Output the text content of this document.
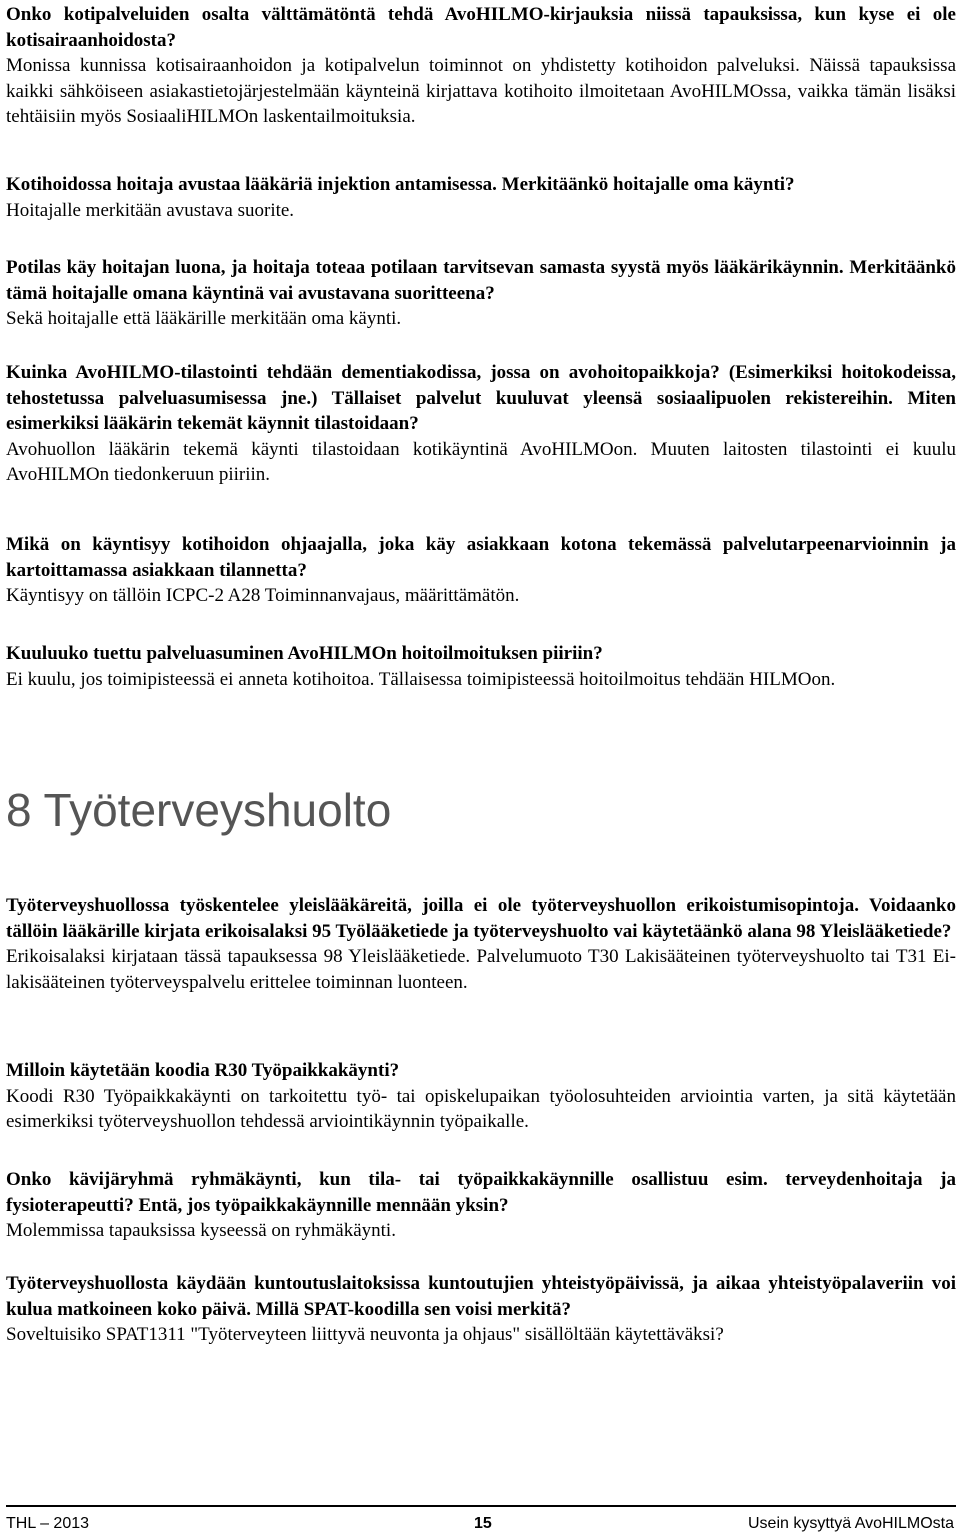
Onko kotipalveluiden osalta välttämätöntä tehdä AvoHILMO-kirjauksia niissä tapauksissa, kun kyse ei ole kotisairaanhoidosta?

Monissa kunnissa kotisairaanhoidon ja kotipalvelun toiminnot on yhdistetty kotihoidon palveluksi. Näissä tapauksissa kaikki sähköiseen asiakastietojärjestelmään käynteinä kirjattava kotihoito ilmoitetaan AvoHILMOssa, vaikka tämän lisäksi tehtäisiin myös SosiaaliHILMOn laskentailmoituksia.

Kotihoidossa hoitaja avustaa lääkäriä injektion antamisessa. Merkitäänkö hoitajalle oma käynti?

Hoitajalle merkitään avustava suorite.

Potilas käy hoitajan luona, ja hoitaja toteaa potilaan tarvitsevan samasta syystä myös lääkärikäynnin. Merkitäänkö tämä hoitajalle omana käyntinä vai avustavana suoritteena?

Sekä hoitajalle että lääkärille merkitään oma käynti.

Kuinka AvoHILMO-tilastointi tehdään dementiakodissa, jossa on avohoitopaikkoja? (Esimerkiksi hoitokodeissa, tehostetussa palveluasumisessa jne.) Tällaiset palvelut kuuluvat yleensä sosiaalipuolen rekistereihin. Miten esimerkiksi lääkärin tekemät käynnit tilastoidaan?

Avohuollon lääkärin tekemä käynti tilastoidaan kotikäyntinä AvoHILMOon. Muuten laitosten tilastointi ei kuulu AvoHILMOn tiedonkeruun piiriin.

Mikä on käyntisyy kotihoidon ohjaajalla, joka käy asiakkaan kotona tekemässä palvelutarpeenarvioinnin ja kartoittamassa asiakkaan tilannetta?

Käyntisyy on tällöin ICPC-2 A28 Toiminnanvajaus, määrittämätön.

Kuuluuko tuettu palveluasuminen AvoHILMOn hoitoilmoituksen piiriin?

Ei kuulu, jos toimipisteessä ei anneta kotihoitoa. Tällaisessa toimipisteessä hoitoilmoitus tehdään HILMOon.

8 Työterveyshuolto

Työterveyshuollossa työskentelee yleislääkäreitä, joilla ei ole työterveyshuollon erikoistumisopintoja. Voidaanko tällöin lääkärille kirjata erikoisalaksi 95 Työlääketiede ja työterveyshuolto vai käytetäänkö alana 98 Yleislääketiede?

Erikoisalaksi kirjataan tässä tapauksessa 98 Yleislääketiede. Palvelumuoto T30 Lakisääteinen työterveyshuolto tai T31 Ei-lakisääteinen työterveyspalvelu erittelee toiminnan luonteen.

Milloin käytetään koodia R30 Työpaikkakäynti?

Koodi R30 Työpaikkakäynti on tarkoitettu työ- tai opiskelupaikan työolosuhteiden arviointia varten, ja sitä käytetään esimerkiksi työterveyshuollon tehdessä arviointikäynnin työpaikalle.

Onko kävijäryhmä ryhmäkäynti, kun tila- tai työpaikkakäynnille osallistuu esim. terveydenhoitaja ja fysioterapeutti? Entä, jos työpaikkakäynnille mennään yksin?

Molemmissa tapauksissa kyseessä on ryhmäkäynti.

Työterveyshuollosta käydään kuntoutuslaitoksissa kuntoutujien yhteistyöpäivissä, ja aikaa yhteistyöpalaveriin voi kulua matkoineen koko päivä. Millä SPAT-koodilla sen voisi merkitä?

Soveltuisiko SPAT1311 "Työterveyteen liittyvä neuvonta ja ohjaus" sisällöltään käytettäväksi?

THL – 2013	15	Usein kysyttyä AvoHILMOsta
